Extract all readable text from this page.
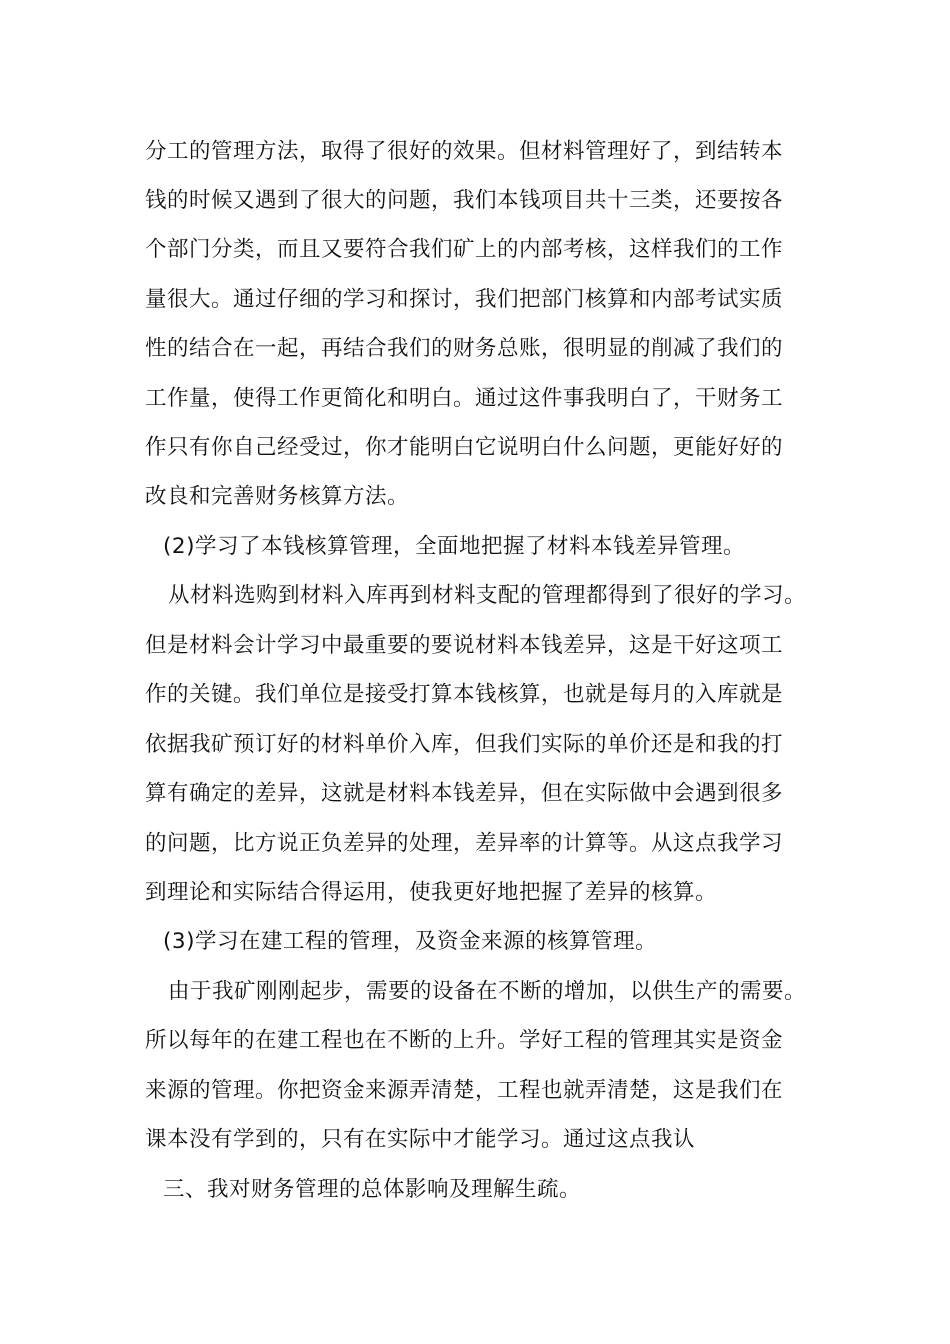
分工的管理方法，取得了很好的效果。但材料管理好了，到结转本
钱的时候又遇到了很大的问题，我们本钱项目共十三类，还要按各
个部门分类，而且又要符合我们矿上的内部考核，这样我们的工作
量很大。通过仔细的学习和探讨，我们把部门核算和内部考试实质
性的结合在一起，再结合我们的财务总账，很明显的削减了我们的
工作量，使得工作更简化和明白。通过这件事我明白了，干财务工
作只有你自己经受过，你才能明白它说明白什么问题，更能好好的
改良和完善财务核算方法。
(2)学习了本钱核算管理，全面地把握了材料本钱差异管理。
从材料选购到材料入库再到材料支配的管理都得到了很好的学习。
但是材料会计学习中最重要的要说材料本钱差异，这是干好这项工
作的关键。我们单位是接受打算本钱核算，也就是每月的入库就是
依据我矿预订好的材料单价入库，但我们实际的单价还是和我的打
算有确定的差异，这就是材料本钱差异，但在实际做中会遇到很多
的问题，比方说正负差异的处理，差异率的计算等。从这点我学习
到理论和实际结合得运用，使我更好地把握了差异的核算。
(3)学习在建工程的管理，及资金来源的核算管理。
由于我矿刚刚起步，需要的设备在不断的增加，以供生产的需要。
所以每年的在建工程也在不断的上升。学好工程的管理其实是资金
来源的管理。你把资金来源弄清楚，工程也就弄清楚，这是我们在
课本没有学到的，只有在实际中才能学习。通过这点我认
三、我对财务管理的总体影响及理解生疏。
